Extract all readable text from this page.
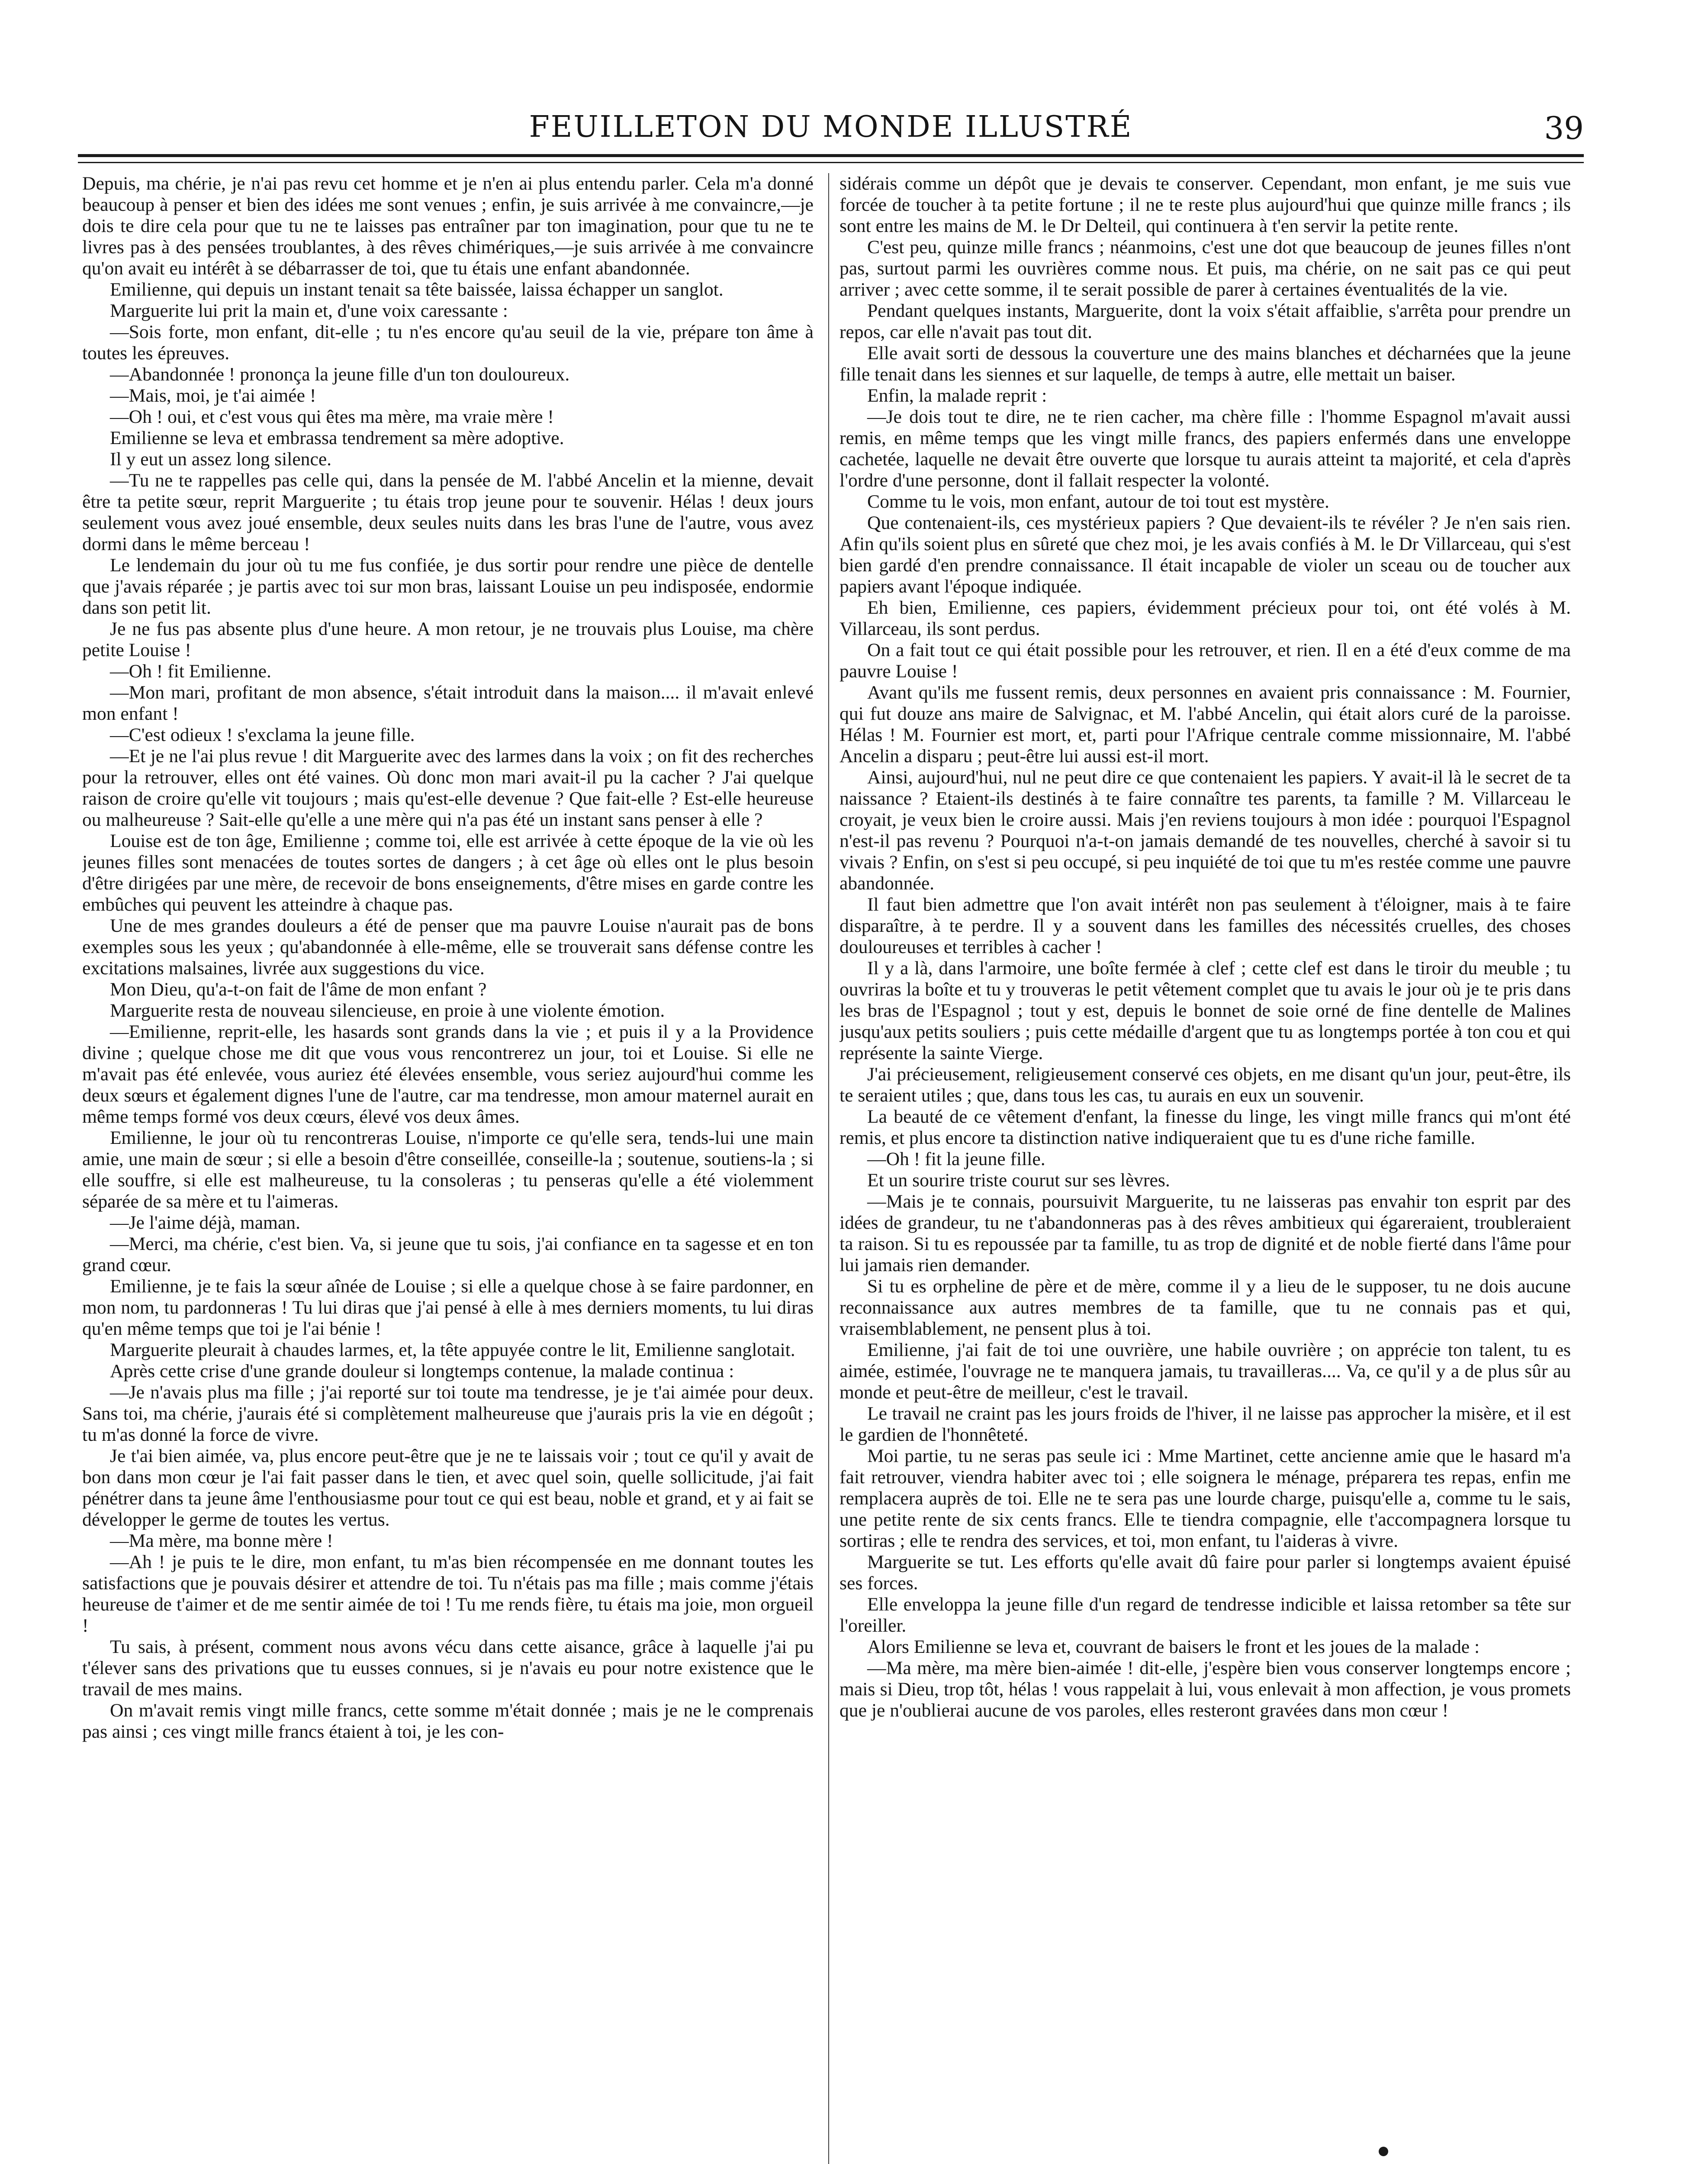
FEUILLETON DU MONDE ILLUSTRÉ	39

Depuis, ma chérie, je n'ai pas revu cet homme et je n'en ai plus entendu parler. Cela m'a donné beaucoup à penser et bien des idées me sont venues ; enfin, je suis arrivée à me convaincre,—je dois te dire cela pour que tu ne te laisses pas entraîner par ton imagination, pour que tu ne te livres pas à des pensées troublantes, à des rêves chimériques,—je suis arrivée à me convaincre qu'on avait eu intérêt à se débarrasser de toi, que tu étais une enfant abandonnée.

Emilienne, qui depuis un instant tenait sa tête baissée, laissa échapper un sanglot.

Marguerite lui prit la main et, d'une voix caressante :

—Sois forte, mon enfant, dit-elle ; tu n'es encore qu'au seuil de la vie, prépare ton âme à toutes les épreuves.

—Abandonnée ! prononça la jeune fille d'un ton douloureux.

—Mais, moi, je t'ai aimée !

—Oh ! oui, et c'est vous qui êtes ma mère, ma vraie mère !

Emilienne se leva et embrassa tendrement sa mère adoptive.

Il y eut un assez long silence.

—Tu ne te rappelles pas celle qui, dans la pensée de M. l'abbé Ancelin et la mienne, devait être ta petite sœur, reprit Marguerite ; tu étais trop jeune pour te souvenir. Hélas ! deux jours seulement vous avez joué ensemble, deux seules nuits dans les bras l'une de l'autre, vous avez dormi dans le même berceau !

Le lendemain du jour où tu me fus confiée, je dus sortir pour rendre une pièce de dentelle que j'avais réparée ; je partis avec toi sur mon bras, laissant Louise un peu indisposée, endormie dans son petit lit.

Je ne fus pas absente plus d'une heure. A mon retour, je ne trouvais plus Louise, ma chère petite Louise !

—Oh ! fit Emilienne.

—Mon mari, profitant de mon absence, s'était introduit dans la maison.... il m'avait enlevé mon enfant !

—C'est odieux ! s'exclama la jeune fille.

—Et je ne l'ai plus revue ! dit Marguerite avec des larmes dans la voix ; on fit des recherches pour la retrouver, elles ont été vaines. Où donc mon mari avait-il pu la cacher ? J'ai quelque raison de croire qu'elle vit toujours ; mais qu'est-elle devenue ? Que fait-elle ? Est-elle heureuse ou malheureuse ? Sait-elle qu'elle a une mère qui n'a pas été un instant sans penser à elle ?

Louise est de ton âge, Emilienne ; comme toi, elle est arrivée à cette époque de la vie où les jeunes filles sont menacées de toutes sortes de dangers ; à cet âge où elles ont le plus besoin d'être dirigées par une mère, de recevoir de bons enseignements, d'être mises en garde contre les embûches qui peuvent les atteindre à chaque pas.

Une de mes grandes douleurs a été de penser que ma pauvre Louise n'aurait pas de bons exemples sous les yeux ; qu'abandonnée à elle-même, elle se trouverait sans défense contre les excitations malsaines, livrée aux suggestions du vice.

Mon Dieu, qu'a-t-on fait de l'âme de mon enfant ?

Marguerite resta de nouveau silencieuse, en proie à une violente émotion.

—Emilienne, reprit-elle, les hasards sont grands dans la vie ; et puis il y a la Providence divine ; quelque chose me dit que vous vous rencontrerez un jour, toi et Louise. Si elle ne m'avait pas été enlevée, vous auriez été élevées ensemble, vous seriez aujourd'hui comme les deux sœurs et également dignes l'une de l'autre, car ma tendresse, mon amour maternel aurait en même temps formé vos deux cœurs, élevé vos deux âmes.

Emilienne, le jour où tu rencontreras Louise, n'importe ce qu'elle sera, tends-lui une main amie, une main de sœur ; si elle a besoin d'être conseillée, conseille-la ; soutenue, soutiens-la ; si elle souffre, si elle est malheureuse, tu la consoleras ; tu penseras qu'elle a été violemment séparée de sa mère et tu l'aimeras.

—Je l'aime déjà, maman.

—Merci, ma chérie, c'est bien. Va, si jeune que tu sois, j'ai confiance en ta sagesse et en ton grand cœur.

Emilienne, je te fais la sœur aînée de Louise ; si elle a quelque chose à se faire pardonner, en mon nom, tu pardonneras ! Tu lui diras que j'ai pensé à elle à mes derniers moments, tu lui diras qu'en même temps que toi je l'ai bénie !

Marguerite pleurait à chaudes larmes, et, la tête appuyée contre le lit, Emilienne sanglotait.

Après cette crise d'une grande douleur si longtemps contenue, la malade continua :

—Je n'avais plus ma fille ; j'ai reporté sur toi toute ma tendresse, je je t'ai aimée pour deux. Sans toi, ma chérie, j'aurais été si complètement malheureuse que j'aurais pris la vie en dégoût ; tu m'as donné la force de vivre.

Je t'ai bien aimée, va, plus encore peut-être que je ne te laissais voir ; tout ce qu'il y avait de bon dans mon cœur je l'ai fait passer dans le tien, et avec quel soin, quelle sollicitude, j'ai fait pénétrer dans ta jeune âme l'enthousiasme pour tout ce qui est beau, noble et grand, et y ai fait se développer le germe de toutes les vertus.

—Ma mère, ma bonne mère !

—Ah ! je puis te le dire, mon enfant, tu m'as bien récompensée en me donnant toutes les satisfactions que je pouvais désirer et attendre de toi. Tu n'étais pas ma fille ; mais comme j'étais heureuse de t'aimer et de me sentir aimée de toi ! Tu me rends fière, tu étais ma joie, mon orgueil !

Tu sais, à présent, comment nous avons vécu dans cette aisance, grâce à laquelle j'ai pu t'élever sans des privations que tu eusses connues, si je n'avais eu pour notre existence que le travail de mes mains.

On m'avait remis vingt mille francs, cette somme m'était donnée ; mais je ne le comprenais pas ainsi ; ces vingt mille francs étaient à toi, je les con-

sidérais comme un dépôt que je devais te conserver. Cependant, mon enfant, je me suis vue forcée de toucher à ta petite fortune ; il ne te reste plus aujourd'hui que quinze mille francs ; ils sont entre les mains de M. le Dr Delteil, qui continuera à t'en servir la petite rente.

C'est peu, quinze mille francs ; néanmoins, c'est une dot que beaucoup de jeunes filles n'ont pas, surtout parmi les ouvrières comme nous. Et puis, ma chérie, on ne sait pas ce qui peut arriver ; avec cette somme, il te serait possible de parer à certaines éventualités de la vie.

Pendant quelques instants, Marguerite, dont la voix s'était affaiblie, s'arrêta pour prendre un repos, car elle n'avait pas tout dit.

Elle avait sorti de dessous la couverture une des mains blanches et décharnées que la jeune fille tenait dans les siennes et sur laquelle, de temps à autre, elle mettait un baiser.

Enfin, la malade reprit :

—Je dois tout te dire, ne te rien cacher, ma chère fille : l'homme Espagnol m'avait aussi remis, en même temps que les vingt mille francs, des papiers enfermés dans une enveloppe cachetée, laquelle ne devait être ouverte que lorsque tu aurais atteint ta majorité, et cela d'après l'ordre d'une personne, dont il fallait respecter la volonté.

Comme tu le vois, mon enfant, autour de toi tout est mystère.

Que contenaient-ils, ces mystérieux papiers ? Que devaient-ils te révéler ? Je n'en sais rien. Afin qu'ils soient plus en sûreté que chez moi, je les avais confiés à M. le Dr Villarceau, qui s'est bien gardé d'en prendre connaissance. Il était incapable de violer un sceau ou de toucher aux papiers avant l'époque indiquée.

Eh bien, Emilienne, ces papiers, évidemment précieux pour toi, ont été volés à M. Villarceau, ils sont perdus.

On a fait tout ce qui était possible pour les retrouver, et rien. Il en a été d'eux comme de ma pauvre Louise !

Avant qu'ils me fussent remis, deux personnes en avaient pris connaissance : M. Fournier, qui fut douze ans maire de Salvignac, et M. l'abbé Ancelin, qui était alors curé de la paroisse. Hélas ! M. Fournier est mort, et, parti pour l'Afrique centrale comme missionnaire, M. l'abbé Ancelin a disparu ; peut-être lui aussi est-il mort.

Ainsi, aujourd'hui, nul ne peut dire ce que contenaient les papiers. Y avait-il là le secret de ta naissance ? Etaient-ils destinés à te faire connaître tes parents, ta famille ? M. Villarceau le croyait, je veux bien le croire aussi. Mais j'en reviens toujours à mon idée : pourquoi l'Espagnol n'est-il pas revenu ? Pourquoi n'a-t-on jamais demandé de tes nouvelles, cherché à savoir si tu vivais ? Enfin, on s'est si peu occupé, si peu inquiété de toi que tu m'es restée comme une pauvre abandonnée.

Il faut bien admettre que l'on avait intérêt non pas seulement à t'éloigner, mais à te faire disparaître, à te perdre. Il y a souvent dans les familles des nécessités cruelles, des choses douloureuses et terribles à cacher !

Il y a là, dans l'armoire, une boîte fermée à clef ; cette clef est dans le tiroir du meuble ; tu ouvriras la boîte et tu y trouveras le petit vêtement complet que tu avais le jour où je te pris dans les bras de l'Espagnol ; tout y est, depuis le bonnet de soie orné de fine dentelle de Malines jusqu'aux petits souliers ; puis cette médaille d'argent que tu as longtemps portée à ton cou et qui représente la sainte Vierge.

J'ai précieusement, religieusement conservé ces objets, en me disant qu'un jour, peut-être, ils te seraient utiles ; que, dans tous les cas, tu aurais en eux un souvenir.

La beauté de ce vêtement d'enfant, la finesse du linge, les vingt mille francs qui m'ont été remis, et plus encore ta distinction native indiqueraient que tu es d'une riche famille.

—Oh ! fit la jeune fille.

Et un sourire triste courut sur ses lèvres.

—Mais je te connais, poursuivit Marguerite, tu ne laisseras pas envahir ton esprit par des idées de grandeur, tu ne t'abandonneras pas à des rêves ambitieux qui égareraient, troubleraient ta raison. Si tu es repoussée par ta famille, tu as trop de dignité et de noble fierté dans l'âme pour lui jamais rien demander.

Si tu es orpheline de père et de mère, comme il y a lieu de le supposer, tu ne dois aucune reconnaissance aux autres membres de ta famille, que tu ne connais pas et qui, vraisemblablement, ne pensent plus à toi.

Emilienne, j'ai fait de toi une ouvrière, une habile ouvrière ; on apprécie ton talent, tu es aimée, estimée, l'ouvrage ne te manquera jamais, tu travailleras.... Va, ce qu'il y a de plus sûr au monde et peut-être de meilleur, c'est le travail.

Le travail ne craint pas les jours froids de l'hiver, il ne laisse pas approcher la misère, et il est le gardien de l'honnêteté.

Moi partie, tu ne seras pas seule ici : Mme Martinet, cette ancienne amie que le hasard m'a fait retrouver, viendra habiter avec toi ; elle soignera le ménage, préparera tes repas, enfin me remplacera auprès de toi. Elle ne te sera pas une lourde charge, puisqu'elle a, comme tu le sais, une petite rente de six cents francs. Elle te tiendra compagnie, elle t'accompagnera lorsque tu sortiras ; elle te rendra des services, et toi, mon enfant, tu l'aideras à vivre.

Marguerite se tut. Les efforts qu'elle avait dû faire pour parler si longtemps avaient épuisé ses forces.

Elle enveloppa la jeune fille d'un regard de tendresse indicible et laissa retomber sa tête sur l'oreiller.

Alors Emilienne se leva et, couvrant de baisers le front et les joues de la malade :

—Ma mère, ma mère bien-aimée ! dit-elle, j'espère bien vous conserver longtemps encore ; mais si Dieu, trop tôt, hélas ! vous rappelait à lui, vous enlevait à mon affection, je vous promets que je n'oublierai aucune de vos paroles, elles resteront gravées dans mon cœur !
